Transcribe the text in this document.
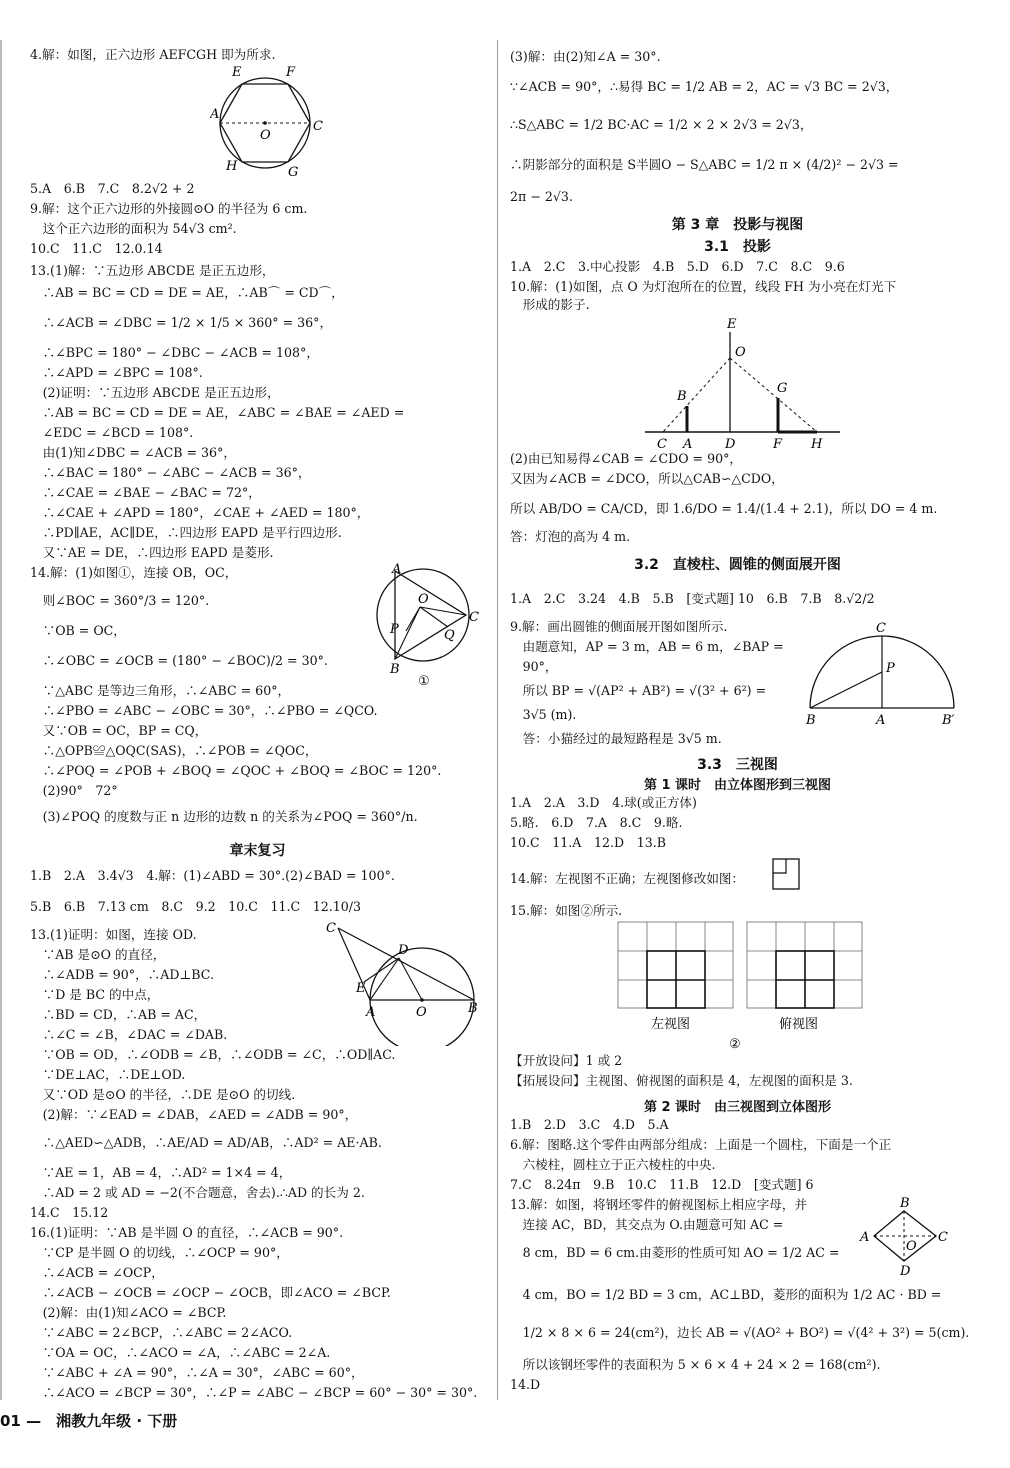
4.解：如图，正六边形 AEFCGH 即为所求.
5.A　6.B　7.C　8.2√2 + 2
9.解：这个正六边形的外接圆⊙O 的半径为 6 cm.
　这个正六边形的面积为 54√3 cm².
10.C　11.C　12.0.14
13.(1)解：∵五边形 ABCDE 是正五边形，
　∴AB = BC = CD = DE = AE，∴AB⌒ = CD⌒，
　∴∠ACB = ∠DBC = 1/2 × 1/5 × 360° = 36°，
　∴∠BPC = 180° − ∠DBC − ∠ACB = 108°，
　∴∠APD = ∠BPC = 108°.
　(2)证明：∵五边形 ABCDE 是正五边形，
　∴AB = BC = CD = DE = AE，∠ABC = ∠BAE = ∠AED =
　∠EDC = ∠BCD = 108°.
　由(1)知∠DBC = ∠ACB = 36°，
　∴∠BAC = 180° − ∠ABC − ∠ACB = 36°，
　∴∠CAE = ∠BAE − ∠BAC = 72°，
　∴∠CAE + ∠APD = 180°，∠CAE + ∠AED = 180°，
　∴PD∥AE，AC∥DE，∴四边形 EAPD 是平行四边形.
　又∵AE = DE，∴四边形 EAPD 是菱形.
14.解：(1)如图①，连接 OB，OC，
　则∠BOC = 360°/3 = 120°.
　∵OB = OC，
　∴∠OBC = ∠OCB = (180° − ∠BOC)/2 = 30°.
　∵△ABC 是等边三角形，∴∠ABC = 60°，
　∴∠PBO = ∠ABC − ∠OBC = 30°，∴∠PBO = ∠QCO.
　又∵OB = OC，BP = CQ，
　∴△OPB≌△OQC(SAS)，∴∠POB = ∠QOC，
　∴∠POQ = ∠POB + ∠BOQ = ∠QOC + ∠BOQ = ∠BOC = 120°.
　(2)90°　72°
　(3)∠POQ 的度数与正 n 边形的边数 n 的关系为∠POQ = 360°/n.
1.B　2.A　3.4√3　4.解：(1)∠ABD = 30°.(2)∠BAD = 100°.
5.B　6.B　7.13 cm　8.C　9.2　10.C　11.C　12.10/3
13.(1)证明：如图，连接 OD.
　∵AB 是⊙O 的直径，
　∴∠ADB = 90°，∴AD⊥BC.
　∵D 是 BC 的中点，
　∴BD = CD，∴AB = AC，
　∴∠C = ∠B，∠DAC = ∠DAB.
　∵OB = OD，∴∠ODB = ∠B，∴∠ODB = ∠C，∴OD∥AC.
　∵DE⊥AC，∴DE⊥OD.
　又∵OD 是⊙O 的半径，∴DE 是⊙O 的切线.
　(2)解：∵∠EAD = ∠DAB，∠AED = ∠ADB = 90°，
　∴△AED∽△ADB，∴AE/AD = AD/AB，∴AD² = AE·AB.
　∵AE = 1，AB = 4，∴AD² = 1×4 = 4，
　∴AD = 2 或 AD = −2(不合题意，舍去).∴AD 的长为 2.
14.C　15.12
16.(1)证明：∵AB 是半圆 O 的直径，∴∠ACB = 90°.
　∵CP 是半圆 O 的切线，∴∠OCP = 90°，
　∴∠ACB = ∠OCP，
　∴∠ACB − ∠OCB = ∠OCP − ∠OCB，即∠ACO = ∠BCP.
　(2)解：由(1)知∠ACO = ∠BCP.
　∵∠ABC = 2∠BCP，∴∠ABC = 2∠ACO.
　∵OA = OC，∴∠ACO = ∠A，∴∠ABC = 2∠A.
　∵∠ABC + ∠A = 90°，∴∠A = 30°，∠ABC = 60°，
　∴∠ACO = ∠BCP = 30°，∴∠P = ∠ABC − ∠BCP = 60° − 30° = 30°.
章末复习
(3)解：由(2)知∠A = 30°.
∵∠ACB = 90°，∴易得 BC = 1/2 AB = 2，AC = √3 BC = 2√3，
∴S△ABC = 1/2 BC·AC = 1/2 × 2 × 2√3 = 2√3，
∴阴影部分的面积是 S半圆O − S△ABC = 1/2 π × (4/2)² − 2√3 =
2π − 2√3.
1.A　2.C　3.中心投影　4.B　5.D　6.D　7.C　8.C　9.6
10.解：(1)如图，点 O 为灯泡所在的位置，线段 FH 为小亮在灯光下
　形成的影子.
(2)由已知易得∠CAB = ∠CDO = 90°，
又因为∠ACB = ∠DCO，所以△CAB∽△CDO，
所以 AB/DO = CA/CD，即 1.6/DO = 1.4/(1.4 + 2.1)，所以 DO = 4 m.
答：灯泡的高为 4 m.
1.A　2.C　3.24　4.B　5.B　[变式题] 10　6.B　7.B　8.√2/2
9.解：画出圆锥的侧面展开图如图所示.
　由题意知，AP = 3 m，AB = 6 m，∠BAP =
　90°，
　所以 BP = √(AP² + AB²) = √(3² + 6²) =
　3√5 (m).
　答：小猫经过的最短路程是 3√5 m.
1.A　2.A　3.D　4.球(或正方体)
5.略.　6.D　7.A　8.C　9.略.
10.C　11.A　12.D　13.B
14.解：左视图不正确；左视图修改如图：
15.解：如图②所示.
【开放设问】1 或 2
【拓展设问】主视图、俯视图的面积是 4，左视图的面积是 3.
1.B　2.D　3.C　4.D　5.A
6.解：图略.这个零件由两部分组成：上面是一个圆柱，下面是一个正
　六棱柱，圆柱立于正六棱柱的中央.
7.C　8.24π　9.B　10.C　11.B　12.D　[变式题] 6
13.解：如图，将钢坯零件的俯视图标上相应字母，并
　连接 AC，BD，其交点为 O.由题意可知 AC =
　8 cm，BD = 6 cm.由菱形的性质可知 AO = 1/2 AC =
　4 cm，BO = 1/2 BD = 3 cm，AC⊥BD，菱形的面积为 1/2 AC · BD =
　1/2 × 8 × 6 = 24(cm²)，边长 AB = √(AO² + BO²) = √(4² + 3²) = 5(cm).
　所以该钢坯零件的表面积为 5 × 6 × 4 + 24 × 2 = 168(cm²).
14.D
第 3 章　投影与视图
3.1　投影
3.2　直棱柱、圆锥的侧面展开图
3.3　三视图
第 1 课时　由立体图形到三视图
第 2 课时　由三视图到立体图形
A
E	F
C
G
H
O
A
B
C
O
P	Q
①
C
D
E
A	O	B
E
O
B
G
C A	D	F H
C
P
B	A	B′
左视图	俯视图
②
B
A	C
O
D
01 —　湘教九年级 · 下册
